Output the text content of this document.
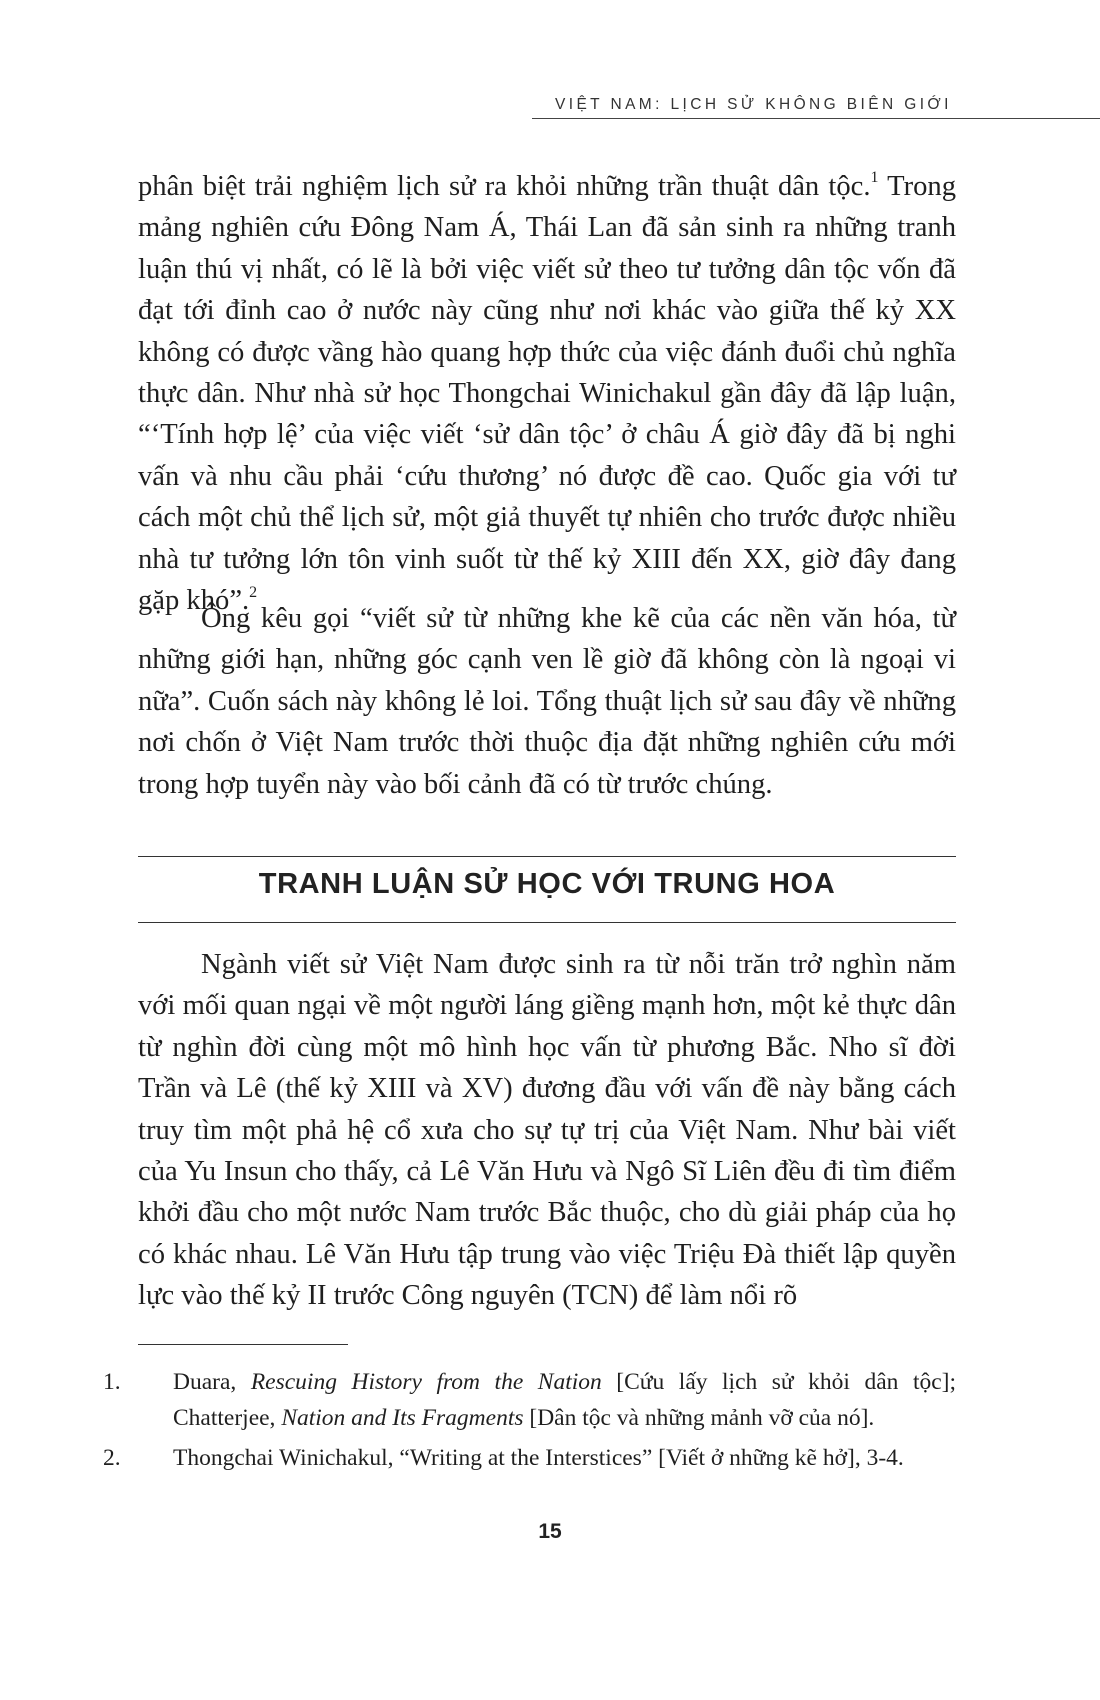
VIỆT NAM: LỊCH SỬ KHÔNG BIÊN GIỚI

phân biệt trải nghiệm lịch sử ra khỏi những trần thuật dân tộc.$^1$ Trong mảng nghiên cứu Đông Nam Á, Thái Lan đã sản sinh ra những tranh luận thú vị nhất, có lẽ là bởi việc viết sử theo tư tưởng dân tộc vốn đã đạt tới đỉnh cao ở nước này cũng như nơi khác vào giữa thế kỷ XX không có được vầng hào quang hợp thức của việc đánh đuổi chủ nghĩa thực dân. Như nhà sử học Thongchai Winichakul gần đây đã lập luận, “‘Tính hợp lệ’ của việc viết ‘sử dân tộc’ ở châu Á giờ đây đã bị nghi vấn và nhu cầu phải ‘cứu thương’ nó được đề cao. Quốc gia với tư cách một chủ thể lịch sử, một giả thuyết tự nhiên cho trước được nhiều nhà tư tưởng lớn tôn vinh suốt từ thế kỷ XIII đến XX, giờ đây đang gặp khó”.$^2$

Ông kêu gọi “viết sử từ những khe kẽ của các nền văn hóa, từ những giới hạn, những góc cạnh ven lề giờ đã không còn là ngoại vi nữa”. Cuốn sách này không lẻ loi. Tổng thuật lịch sử sau đây về những nơi chốn ở Việt Nam trước thời thuộc địa đặt những nghiên cứu mới trong hợp tuyển này vào bối cảnh đã có từ trước chúng.

TRANH LUẬN SỬ HỌC VỚI TRUNG HOA

Ngành viết sử Việt Nam được sinh ra từ nỗi trăn trở nghìn năm với mối quan ngại về một người láng giềng mạnh hơn, một kẻ thực dân từ nghìn đời cùng một mô hình học vấn từ phương Bắc. Nho sĩ đời Trần và Lê (thế kỷ XIII và XV) đương đầu với vấn đề này bằng cách truy tìm một phả hệ cổ xưa cho sự tự trị của Việt Nam. Như bài viết của Yu Insun cho thấy, cả Lê Văn Hưu và Ngô Sĩ Liên đều đi tìm điểm khởi đầu cho một nước Nam trước Bắc thuộc, cho dù giải pháp của họ có khác nhau. Lê Văn Hưu tập trung vào việc Triệu Đà thiết lập quyền lực vào thế kỷ II trước Công nguyên (TCN) để làm nổi rõ

1. Duara, Rescuing History from the Nation [Cứu lấy lịch sử khỏi dân tộc]; Chatterjee, Nation and Its Fragments [Dân tộc và những mảnh vỡ của nó].

2. Thongchai Winichakul, “Writing at the Interstices” [Viết ở những kẽ hở], 3-4.

15
